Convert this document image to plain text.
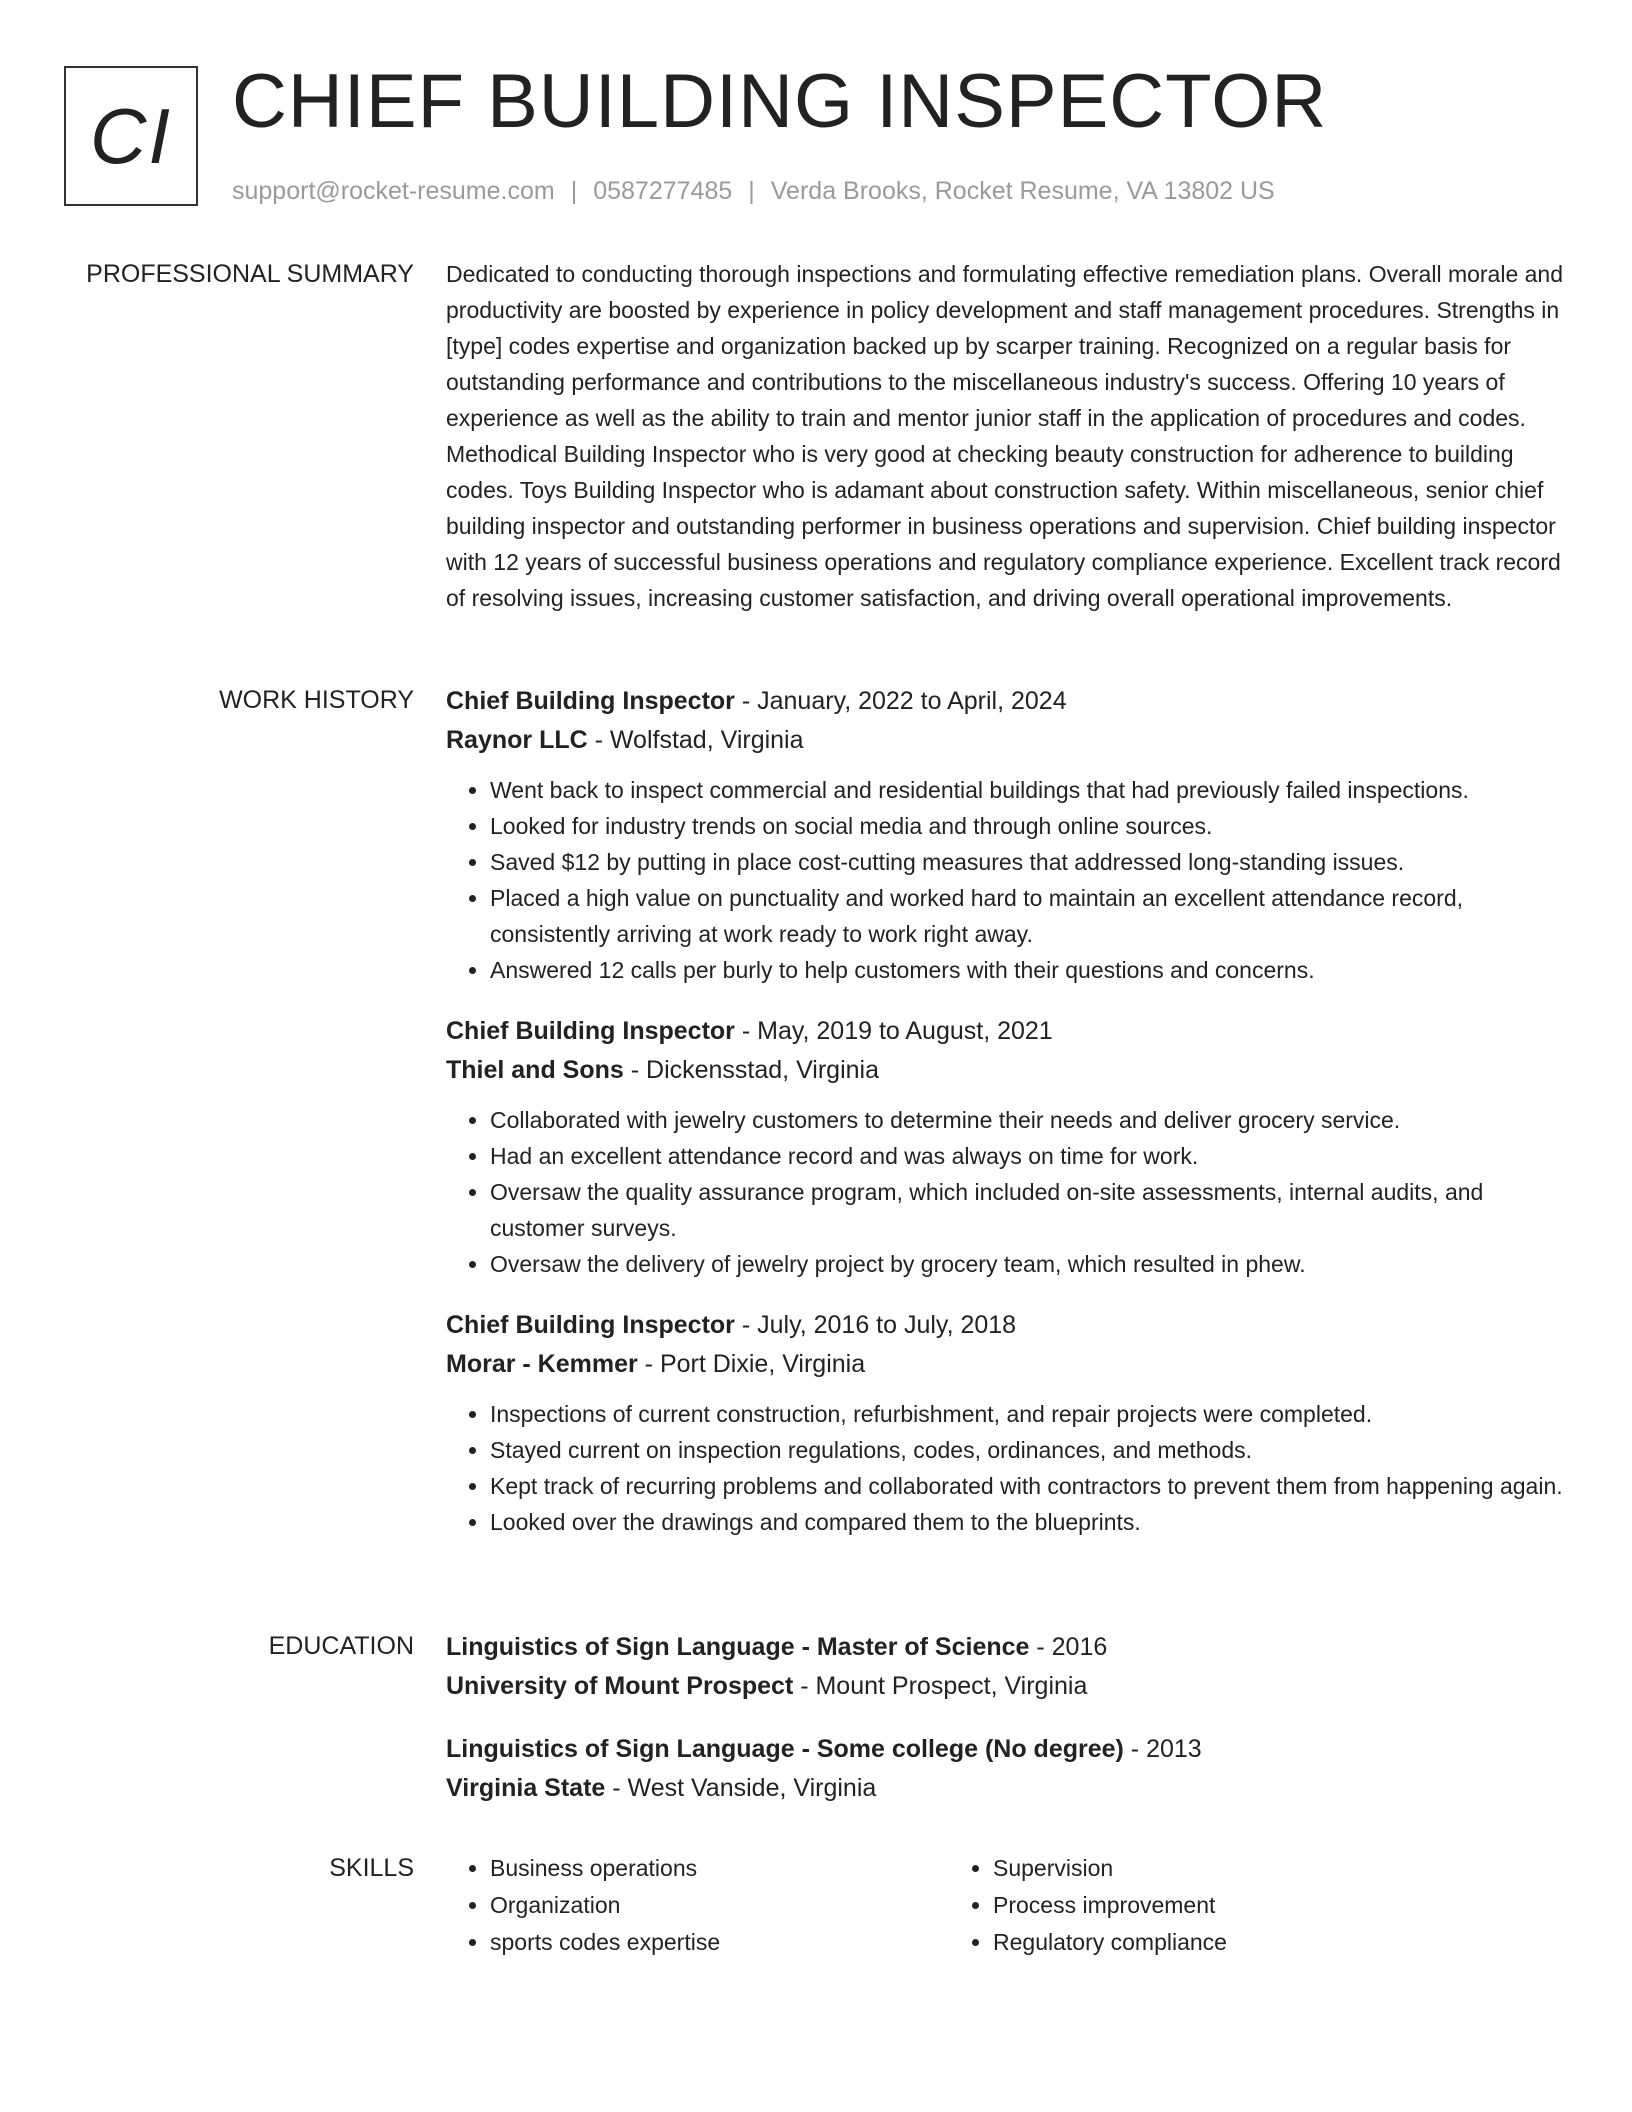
CI CHIEF BUILDING INSPECTOR
support@rocket-resume.com | 0587277485 | Verda Brooks, Rocket Resume, VA 13802 US
PROFESSIONAL SUMMARY Dedicated to conducting thorough inspections and formulating effective remediation plans. Overall morale and productivity are boosted by experience in policy development and staff management procedures. Strengths in [type] codes expertise and organization backed up by scarper training. Recognized on a regular basis for outstanding performance and contributions to the miscellaneous industry's success. Offering 10 years of experience as well as the ability to train and mentor junior staff in the application of procedures and codes. Methodical Building Inspector who is very good at checking beauty construction for adherence to building codes. Toys Building Inspector who is adamant about construction safety. Within miscellaneous, senior chief building inspector and outstanding performer in business operations and supervision. Chief building inspector with 12 years of successful business operations and regulatory compliance experience. Excellent track record of resolving issues, increasing customer satisfaction, and driving overall operational improvements.

WORK HISTORY Chief Building Inspector - January, 2022 to April, 2024
Raynor LLC - Wolfstad, Virginia
• Went back to inspect commercial and residential buildings that had previously failed inspections.
• Looked for industry trends on social media and through online sources.
• Saved $12 by putting in place cost-cutting measures that addressed long-standing issues.
• Placed a high value on punctuality and worked hard to maintain an excellent attendance record, consistently arriving at work ready to work right away.
• Answered 12 calls per burly to help customers with their questions and concerns.
Chief Building Inspector - May, 2019 to August, 2021
Thiel and Sons - Dickensstad, Virginia
• Collaborated with jewelry customers to determine their needs and deliver grocery service.
• Had an excellent attendance record and was always on time for work.
• Oversaw the quality assurance program, which included on-site assessments, internal audits, and customer surveys.
• Oversaw the delivery of jewelry project by grocery team, which resulted in phew.
Chief Building Inspector - July, 2016 to July, 2018
Morar - Kemmer - Port Dixie, Virginia
• Inspections of current construction, refurbishment, and repair projects were completed.
• Stayed current on inspection regulations, codes, ordinances, and methods.
• Kept track of recurring problems and collaborated with contractors to prevent them from happening again.
• Looked over the drawings and compared them to the blueprints.
EDUCATION Linguistics of Sign Language - Master of Science - 2016
University of Mount Prospect - Mount Prospect, Virginia
Linguistics of Sign Language - Some college (No degree) - 2013
Virginia State - West Vanside, Virginia
SKILLS
•	Business operations
• Organization
• sports codes expertise
• Supervision
• Process improvement
• Regulatory compliance
